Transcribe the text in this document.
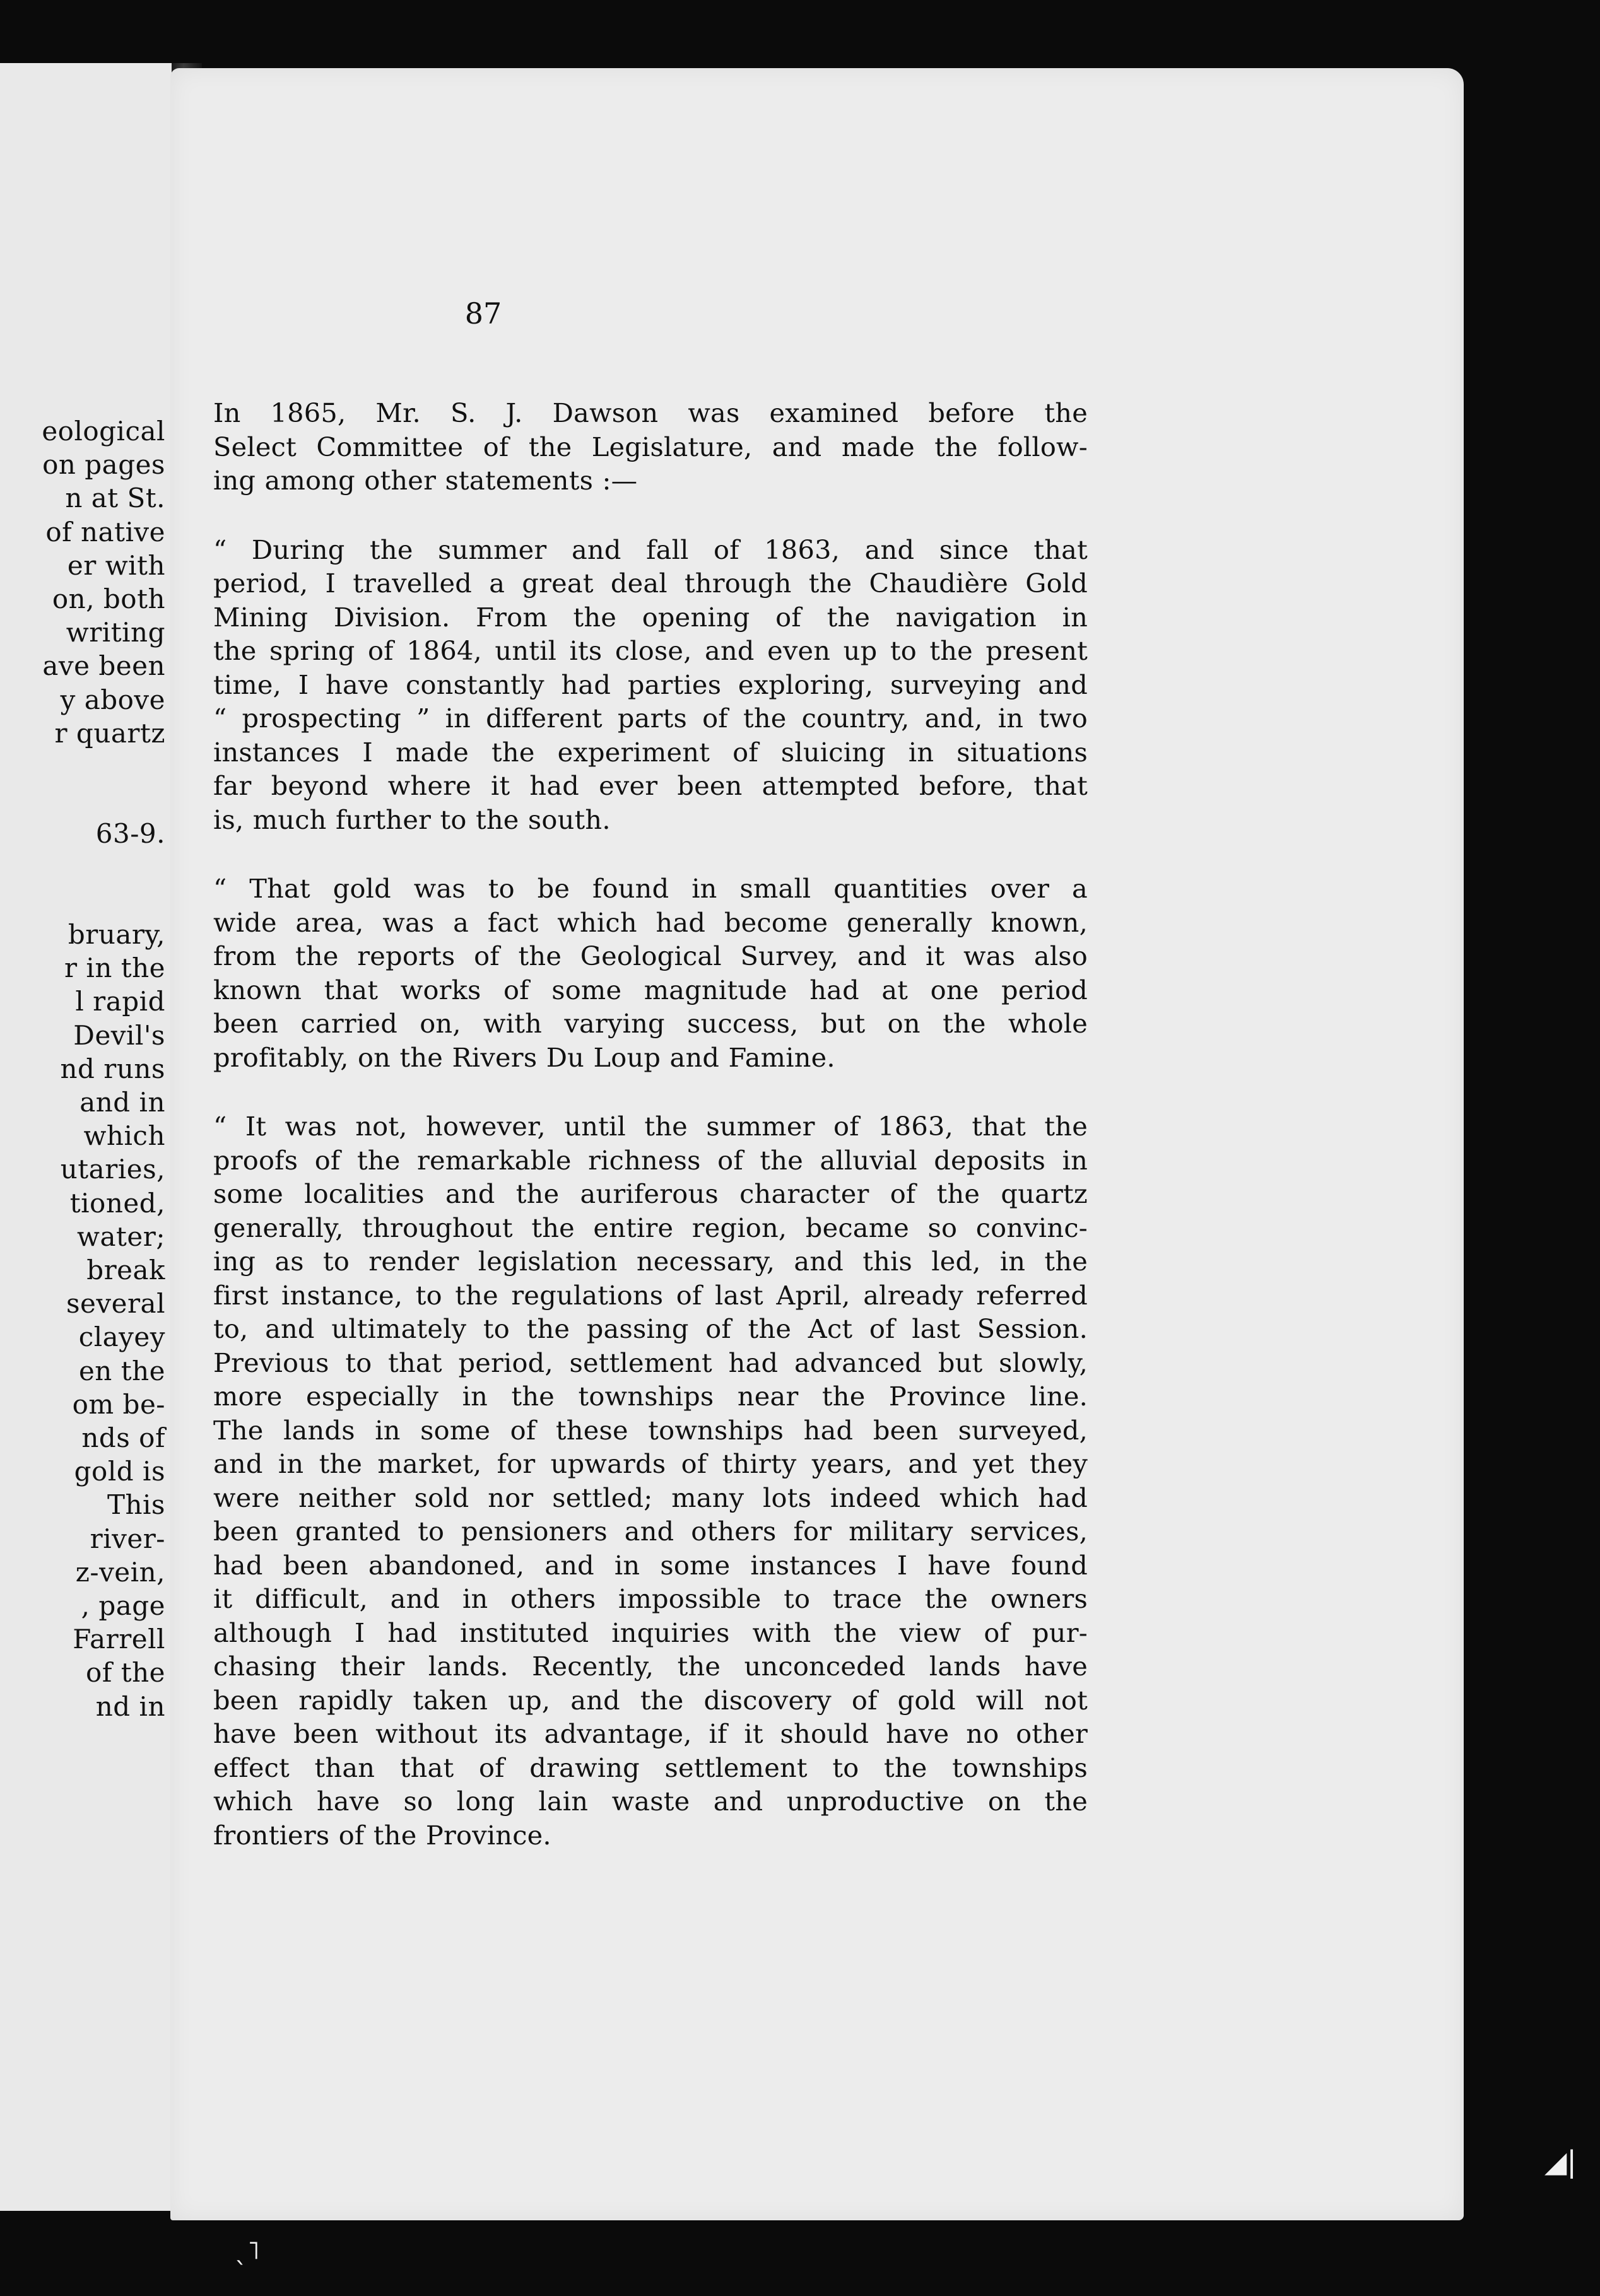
eological
on pages
n at St.
of native
er with
on, both
writing
ave been
y above
r quartz
63-9.
bruary,
r in the
l rapid
Devil's
nd runs
and in
which
utaries,
tioned,
water;
break
several
clayey
en the
om be-
nds of
gold is
This
river-
z-vein,
, page
Farrell
of the
nd in
87
In 1865, Mr. S. J. Dawson was examined before the
Select Committee of the Legislature, and made the follow-
ing among other statements :—
“ During the summer and fall of 1863, and since that
period, I travelled a great deal through the Chaudière Gold
Mining Division. From the opening of the navigation in
the spring of 1864, until its close, and even up to the present
time, I have constantly had parties exploring, surveying and
“ prospecting ” in different parts of the country, and, in two
instances I made the experiment of sluicing in situations
far beyond where it had ever been attempted before, that
is, much further to the south.
“ That gold was to be found in small quantities over a
wide area, was a fact which had become generally known,
from the reports of the Geological Survey, and it was also
known that works of some magnitude had at one period
been carried on, with varying success, but on the whole
profitably, on the Rivers Du Loup and Famine.
“ It was not, however, until the summer of 1863, that the
proofs of the remarkable richness of the alluvial deposits in
some localities and the auriferous character of the quartz
generally, throughout the entire region, became so convinc-
ing as to render legislation necessary, and this led, in the
first instance, to the regulations of last April, already referred
to, and ultimately to the passing of the Act of last Session.
Previous to that period, settlement had advanced but slowly,
more especially in the townships near the Province line.
The lands in some of these townships had been surveyed,
and in the market, for upwards of thirty years, and yet they
were neither sold nor settled; many lots indeed which had
been granted to pensioners and others for military services,
had been abandoned, and in some instances I have found
it difficult, and in others impossible to trace the owners
although I had instituted inquiries with the view of pur-
chasing their lands. Recently, the unconceded lands have
been rapidly taken up, and the discovery of gold will not
have been without its advantage, if it should have no other
effect than that of drawing settlement to the townships
which have so long lain waste and unproductive on the
frontiers of the Province.
ˎ˥
◢|
